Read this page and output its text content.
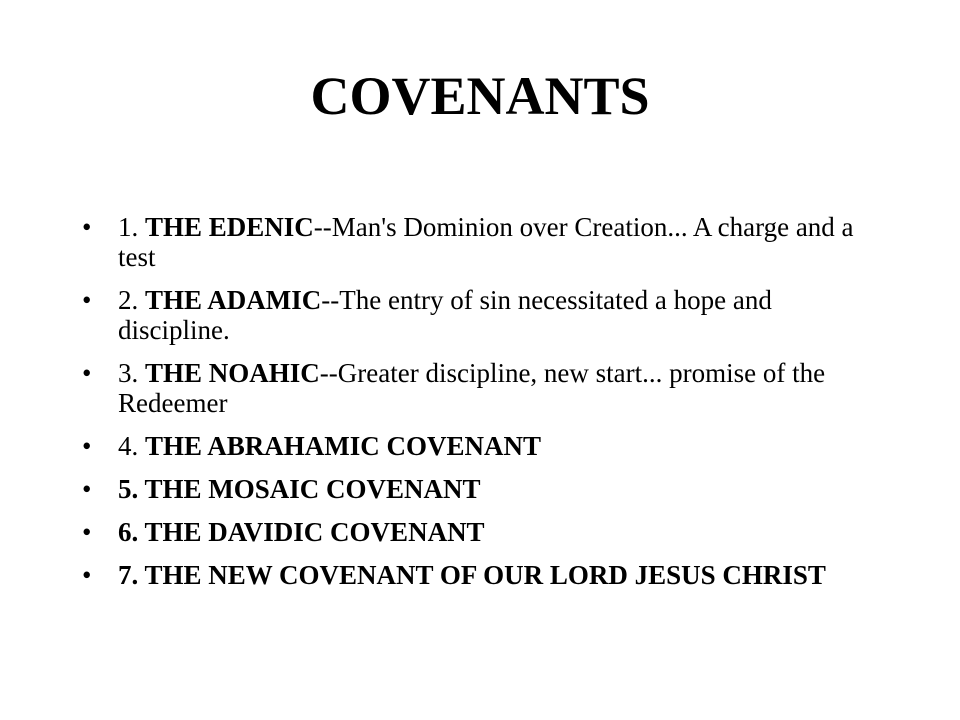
COVENANTS
• 1. THE EDENIC--Man's Dominion over Creation... A charge and a test
• 2. THE ADAMIC--The entry of sin necessitated a hope and discipline.
• 3. THE NOAHIC--Greater discipline, new start... promise of the Redeemer
• 4. THE ABRAHAMIC COVENANT
• 5. THE MOSAIC COVENANT
• 6. THE DAVIDIC COVENANT
• 7. THE NEW COVENANT OF OUR LORD JESUS CHRIST
